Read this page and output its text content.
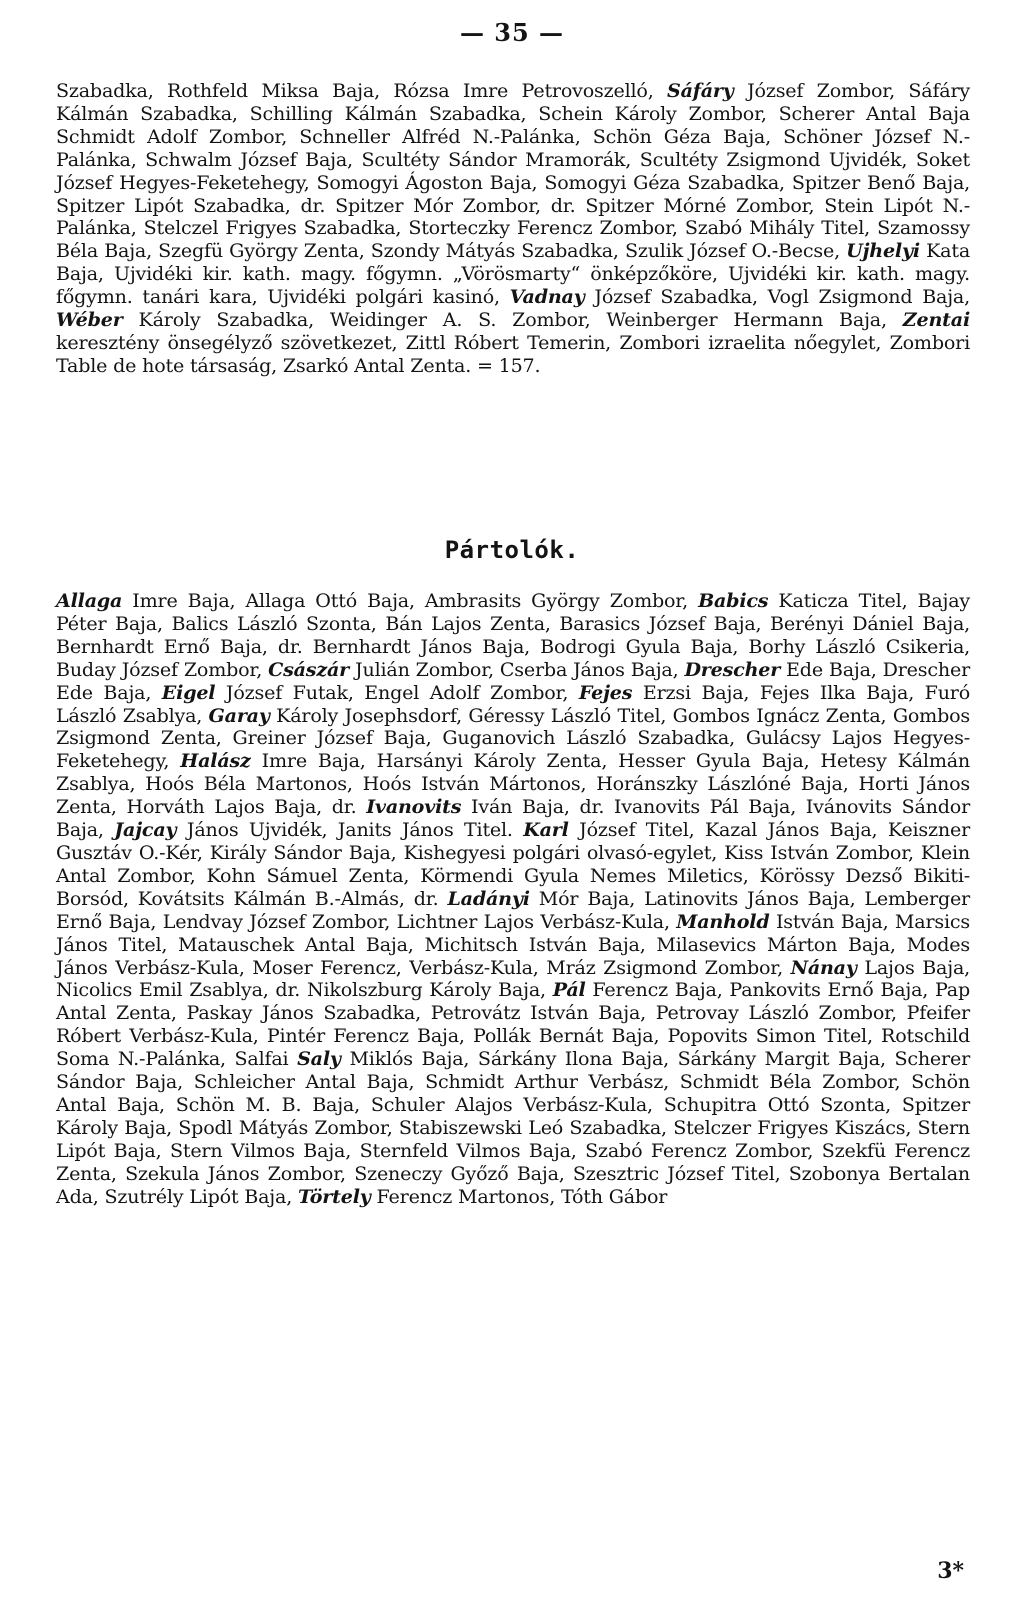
— 35 —

Szabadka, Rothfeld Miksa Baja, Rózsa Imre Petrovoszelló, Sáfáry József Zombor, Sáfáry Kálmán Szabadka, Schilling Kálmán Szabadka, Schein Károly Zombor, Scherer Antal Baja Schmidt Adolf Zombor, Schneller Alfréd N.-Palánka, Schön Géza Baja, Schöner József N.-Palánka, Schwalm József Baja, Scultéty Sándor Mramorák, Scultéty Zsigmond Ujvidék, Soket József Hegyes-Feketehegy, Somogyi Ágoston Baja, Somogyi Géza Szabadka, Spitzer Benő Baja, Spitzer Lipót Szabadka, dr. Spitzer Mór Zombor, dr. Spitzer Mórné Zombor, Stein Lipót N.-Palánka, Stelczel Frigyes Szabadka, Storteczky Ferencz Zombor, Szabó Mihály Titel, Szamossy Béla Baja, Szegfü György Zenta, Szondy Mátyás Szabadka, Szulik József O.-Becse, Ujhelyi Kata Baja, Ujvidéki kir. kath. magy. főgymn. „Vörösmarty“ önképzőköre, Ujvidéki kir. kath. magy. főgymn. tanári kara, Ujvidéki polgári kasinó, Vadnay József Szabadka, Vogl Zsigmond Baja, Wéber Károly Szabadka, Weidinger A. S. Zombor, Weinberger Hermann Baja, Zentai keresztény önsegélyző szövetkezet, Zittl Róbert Temerin, Zombori izraelita nőegylet, Zombori Table de hote társaság, Zsarkó Antal Zenta. = 157.

Pártolók.

Allaga Imre Baja, Allaga Ottó Baja, Ambrasits György Zombor, Babics Katicza Titel, Bajay Péter Baja, Balics László Szonta, Bán Lajos Zenta, Barasics József Baja, Berényi Dániel Baja, Bernhardt Ernő Baja, dr. Bernhardt János Baja, Bodrogi Gyula Baja, Borhy László Csikeria, Buday József Zombor, Császár Julián Zombor, Cserba János Baja, Drescher Ede Baja, Drescher Ede Baja, Eigel József Futak, Engel Adolf Zombor, Fejes Erzsi Baja, Fejes Ilka Baja, Furó László Zsablya, Garay Károly Josephsdorf, Géressy László Titel, Gombos Ignácz Zenta, Gombos Zsigmond Zenta, Greiner József Baja, Guganovich László Szabadka, Gulácsy Lajos Hegyes-Feketehegy, Halász Imre Baja, Harsányi Károly Zenta, Hesser Gyula Baja, Hetesy Kálmán Zsablya, Hoós Béla Martonos, Hoós István Mártonos, Horánszky Lászlóné Baja, Horti János Zenta, Horváth Lajos Baja, dr. Ivanovits Iván Baja, dr. Ivanovits Pál Baja, Ivánovits Sándor Baja, Jajcay János Ujvidék, Janits János Titel. Karl József Titel, Kazal János Baja, Keiszner Gusztáv O.-Kér, Király Sándor Baja, Kishegyesi polgári olvasó-egylet, Kiss István Zombor, Klein Antal Zombor, Kohn Sámuel Zenta, Körmendi Gyula Nemes Miletics, Körössy Dezső Bikiti-Borsód, Kovátsits Kálmán B.-Almás, dr. Ladányi Mór Baja, Latinovits János Baja, Lemberger Ernő Baja, Lendvay József Zombor, Lichtner Lajos Verbász-Kula, Manhold István Baja, Marsics János Titel, Matauschek Antal Baja, Michitsch István Baja, Milasevics Márton Baja, Modes János Verbász-Kula, Moser Ferencz, Verbász-Kula, Mráz Zsigmond Zombor, Nánay Lajos Baja, Nicolics Emil Zsablya, dr. Nikolszburg Károly Baja, Pál Ferencz Baja, Pankovits Ernő Baja, Pap Antal Zenta, Paskay János Szabadka, Petrovátz István Baja, Petrovay László Zombor, Pfeifer Róbert Verbász-Kula, Pintér Ferencz Baja, Pollák Bernát Baja, Popovits Simon Titel, Rotschild Soma N.-Palánka, Salfai Saly Miklós Baja, Sárkány Ilona Baja, Sárkány Margit Baja, Scherer Sándor Baja, Schleicher Antal Baja, Schmidt Arthur Verbász, Schmidt Béla Zombor, Schön Antal Baja, Schön M. B. Baja, Schuler Alajos Verbász-Kula, Schupitra Ottó Szonta, Spitzer Károly Baja, Spodl Mátyás Zombor, Stabiszewski Leó Szabadka, Stelczer Frigyes Kiszács, Stern Lipót Baja, Stern Vilmos Baja, Sternfeld Vilmos Baja, Szabó Ferencz Zombor, Szekfü Ferencz Zenta, Szekula János Zombor, Szeneczy Győző Baja, Szesztric József Titel, Szobonya Bertalan Ada, Szutrély Lipót Baja, Törtely Ferencz Martonos, Tóth Gábor

3*
